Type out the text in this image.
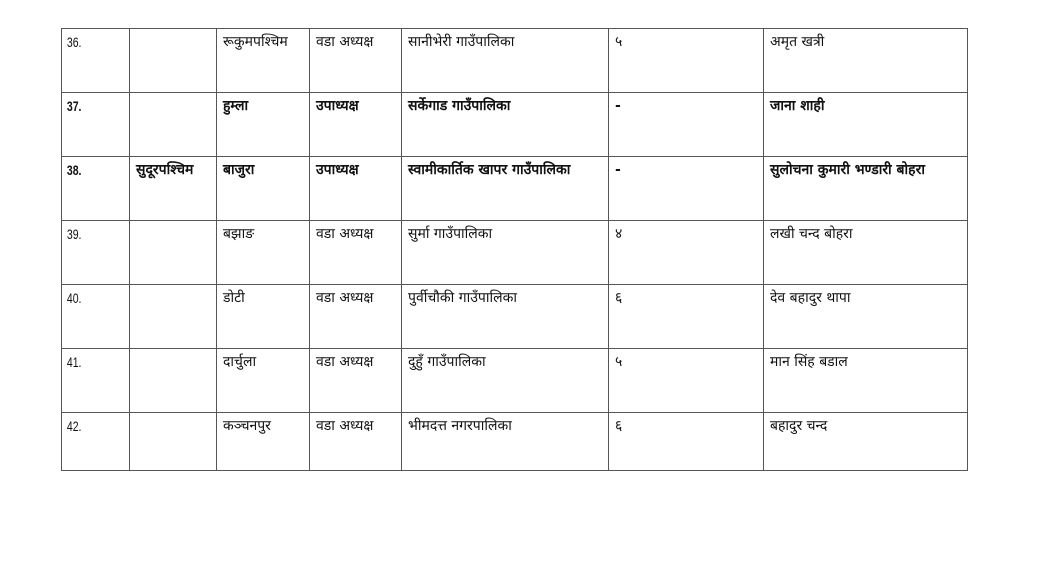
36.		रूकुमपश्चिम	वडा अध्यक्ष	सानीभेरी गाउँपालिका	५	अमृत खत्री
37.		हुम्ला	उपाध्यक्ष	सर्केगाड गाउँपालिका	-	जाना शाही
38.	सुदूरपश्चिम	बाजुरा	उपाध्यक्ष	स्वामीकार्तिक खापर गाउँपालिका	-	सुलोचना कुमारी भण्डारी बोहरा
39.		बझाङ	वडा अध्यक्ष	सुर्मा गाउँपालिका	४	लखी चन्द बोहरा
40.		डोटी	वडा अध्यक्ष	पुर्वीचौकी गाउँपालिका	६	देव बहादुर थापा
41.		दार्चुला	वडा अध्यक्ष	दुहुँ गाउँपालिका	५	मान सिंह बडाल
42.		कञ्चनपुर	वडा अध्यक्ष	भीमदत्त नगरपालिका	६	बहादुर चन्द
